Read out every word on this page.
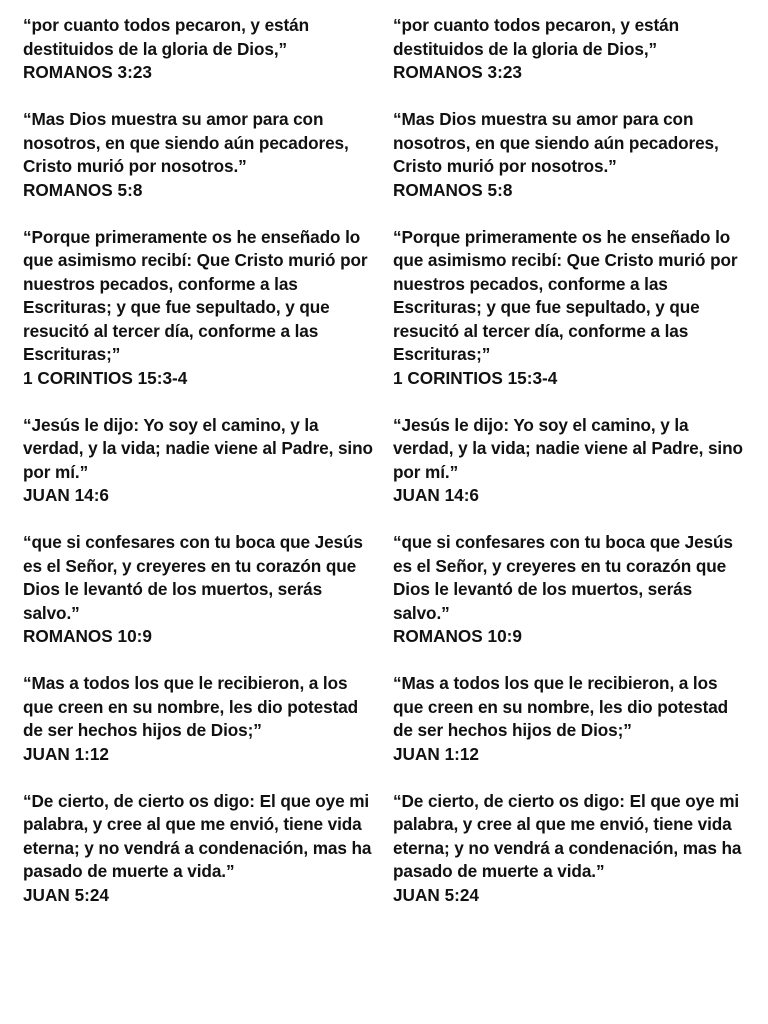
“por cuanto todos pecaron, y están destituidos de la gloria de Dios,”
ROMANOS 3:23
“Mas Dios muestra su amor para con nosotros, en que siendo aún pecadores, Cristo murió por nosotros.”
ROMANOS 5:8
“Porque primeramente os he enseñado lo que asimismo recibí: Que Cristo murió por nuestros pecados, conforme a las Escrituras; y que fue sepultado, y que resucitó al tercer día, conforme a las Escrituras;”
1 CORINTIOS 15:3-4
“Jesús le dijo: Yo soy el camino, y la verdad, y la vida; nadie viene al Padre, sino por mí.”
JUAN 14:6
“que si confesares con tu boca que Jesús es el Señor, y creyeres en tu corazón que Dios le levantó de los muertos, serás salvo.”
ROMANOS 10:9
“Mas a todos los que le recibieron, a los que creen en su nombre, les dio potestad de ser hechos hijos de Dios;”
JUAN 1:12
“De cierto, de cierto os digo: El que oye mi palabra, y cree al que me envió, tiene vida eterna; y no vendrá a condenación, mas ha pasado de muerte a vida.”
JUAN 5:24
“por cuanto todos pecaron, y están destituidos de la gloria de Dios,”
ROMANOS 3:23
“Mas Dios muestra su amor para con nosotros, en que siendo aún pecadores, Cristo murió por nosotros.”
ROMANOS 5:8
“Porque primeramente os he enseñado lo que asimismo recibí: Que Cristo murió por nuestros pecados, conforme a las Escrituras; y que fue sepultado, y que resucitó al tercer día, conforme a las Escrituras;”
1 CORINTIOS 15:3-4
“Jesús le dijo: Yo soy el camino, y la verdad, y la vida; nadie viene al Padre, sino por mí.”
JUAN 14:6
“que si confesares con tu boca que Jesús es el Señor, y creyeres en tu corazón que Dios le levantó de los muertos, serás salvo.”
ROMANOS 10:9
“Mas a todos los que le recibieron, a los que creen en su nombre, les dio potestad de ser hechos hijos de Dios;”
JUAN 1:12
“De cierto, de cierto os digo: El que oye mi palabra, y cree al que me envió, tiene vida eterna; y no vendrá a condenación, mas ha pasado de muerte a vida.”
JUAN 5:24
